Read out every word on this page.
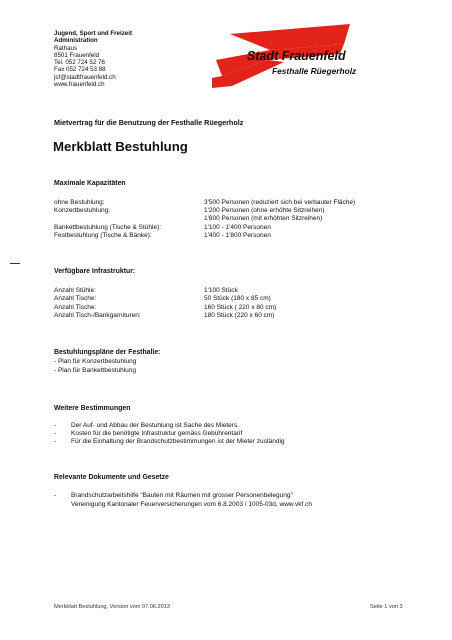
Jugend, Sport und Freizeit
Administration
Rathaus
8501 Frauenfeld
Tel. 052 724 52 76
Fax 052 724 53 88
jsf@stadtfrauenfeld.ch
www.frauenfeld.ch
Stadt Frauenfeld
Festhalle Rüegerholz
Mietvertrag für die Benutzung der Festhalle Rüegerholz
Merkblatt Bestuhlung
Maximale Kapazitäten
ohne Bestuhlung:	3'500 Personen (reduziert sich bei verbauter Fläche)
Konzertbestuhlung:	1'200 Personen (ohne erhöhte Sitzreihen)
1'600 Personen (mit erhöhten Sitzreihen)
Bankettbestuhlung (Tische & Stühle):	1'100 - 1'400 Personen
Festbestuhlung (Tische & Bänke):	1'400 - 1'800 Personen
Verfügbare Infrastruktur:
Anzahl Stühle:	1'100 Stück
Anzahl Tische:	50 Stück (180 x 85 cm)
Anzahl Tische:	160 Stück ( 220 x 80 cm)
Anzahl Tisch-/Bankgarnituren:	180 Stück (220 x 60 cm)
Bestuhlungspläne der Festhalle:
- Plan für Konzertbestuhlung
- Plan für Bankettbestuhlung
Weitere Bestimmungen
- Der Auf- und Abbau der Bestuhlung ist Sache des Mieters.
- Kosten für die benötigte Infrastruktur gemäss Gebührentarif
- Für die Einhaltung der Brandschutzbestimmungen ist der Mieter zuständig
Relevante Dokumente und Gesetze
- Brandschutzarbeitshilfe "Bauten mit Räumen mit grosser Personenbelegung"
Vereinigung Kantonaler Feuerversicherungen vom 6.8.2003 / 1005-03d, www.vkf.ch
Merkblatt Bestuhlung, Version vom 07.06.2013	Seite 1 von 3
